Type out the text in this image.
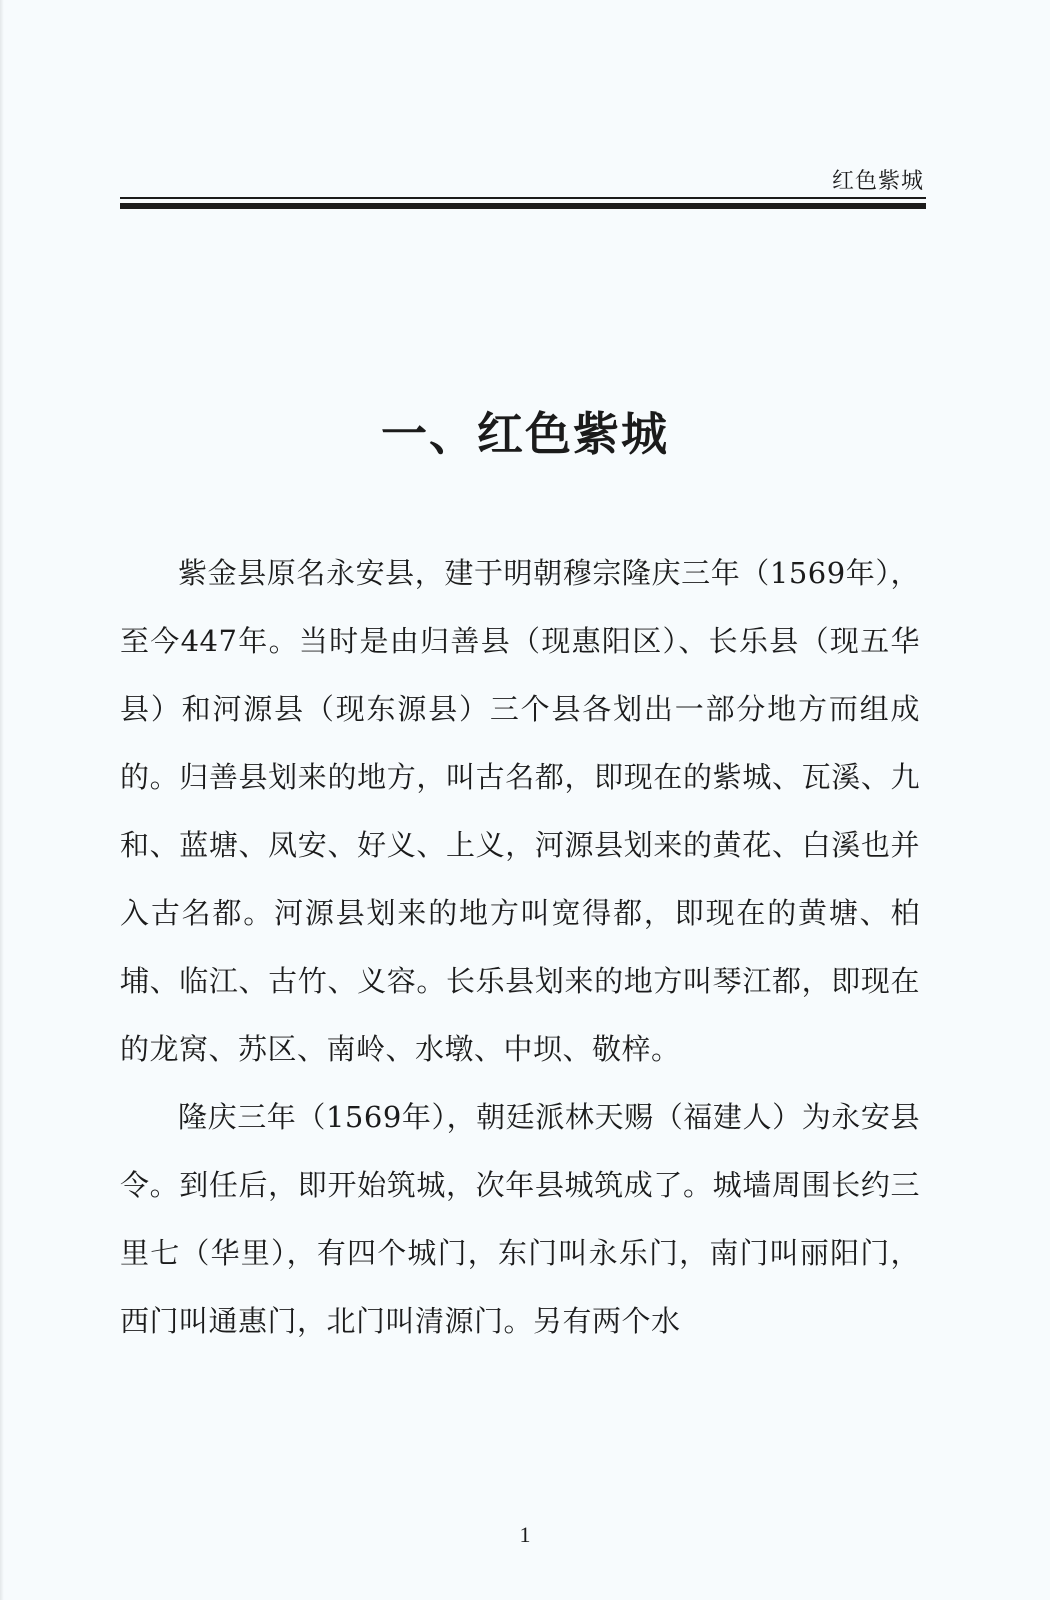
红色紫城
一、红色紫城

紫金县原名永安县，建于明朝穆宗隆庆三年（1569年），至今447年。当时是由归善县（现惠阳区）、长乐县（现五华县）和河源县（现东源县）三个县各划出一部分地方而组成的。归善县划来的地方，叫古名都，即现在的紫城、瓦溪、九和、蓝塘、凤安、好义、上义，河源县划来的黄花、白溪也并入古名都。河源县划来的地方叫宽得都，即现在的黄塘、柏埔、临江、古竹、义容。长乐县划来的地方叫琴江都，即现在的龙窝、苏区、南岭、水墩、中坝、敬梓。

隆庆三年（1569年），朝廷派林天赐（福建人）为永安县令。到任后，即开始筑城，次年县城筑成了。城墙周围长约三里七（华里），有四个城门，东门叫永乐门，南门叫丽阳门，西门叫通惠门，北门叫清源门。另有两个水

1
